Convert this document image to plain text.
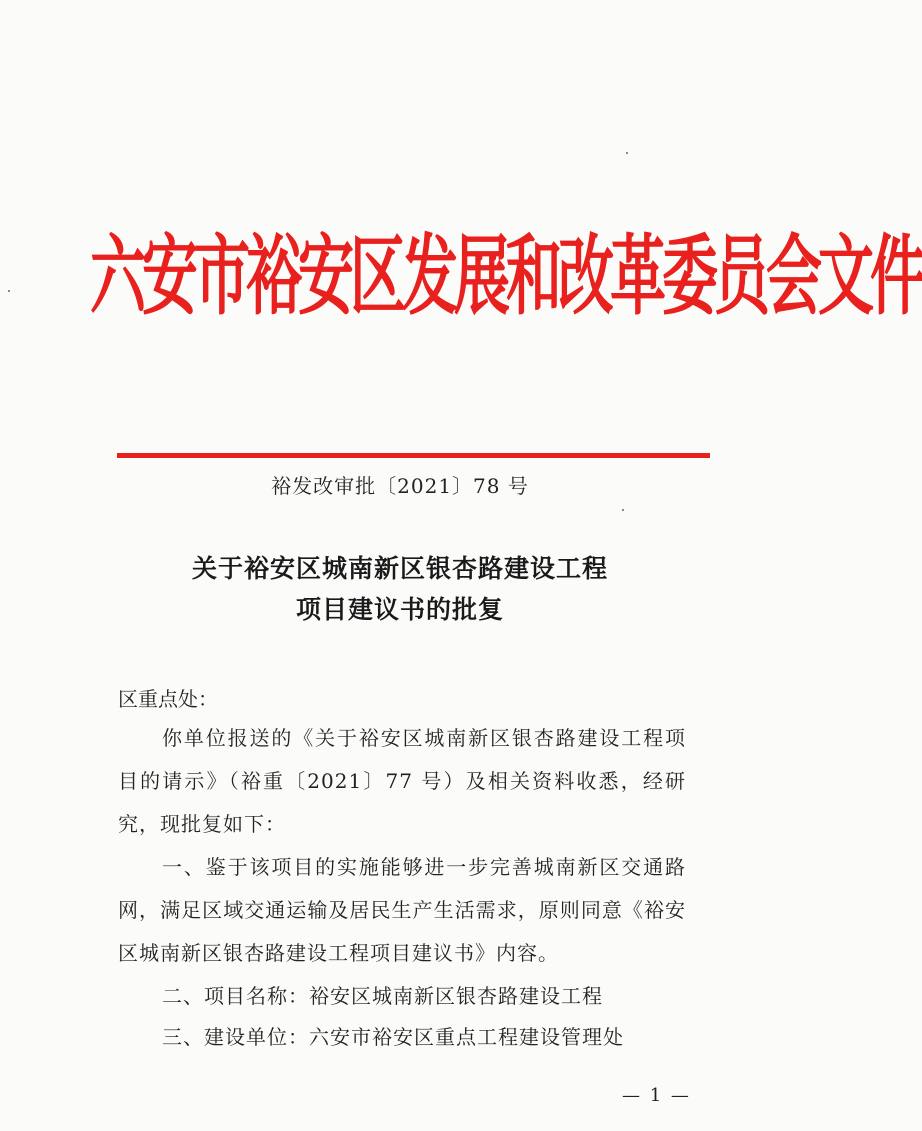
六安市裕安区发展和改革委员会文件
裕发改审批〔2021〕78 号
关于裕安区城南新区银杏路建设工程
项目建议书的批复
区重点处：
你单位报送的《关于裕安区城南新区银杏路建设工程项目的请示》（裕重〔2021〕77 号）及相关资料收悉，经研究，现批复如下：
一、鉴于该项目的实施能够进一步完善城南新区交通路网，满足区域交通运输及居民生产生活需求，原则同意《裕安区城南新区银杏路建设工程项目建议书》内容。
二、项目名称：裕安区城南新区银杏路建设工程
三、建设单位：六安市裕安区重点工程建设管理处
— 1 —
